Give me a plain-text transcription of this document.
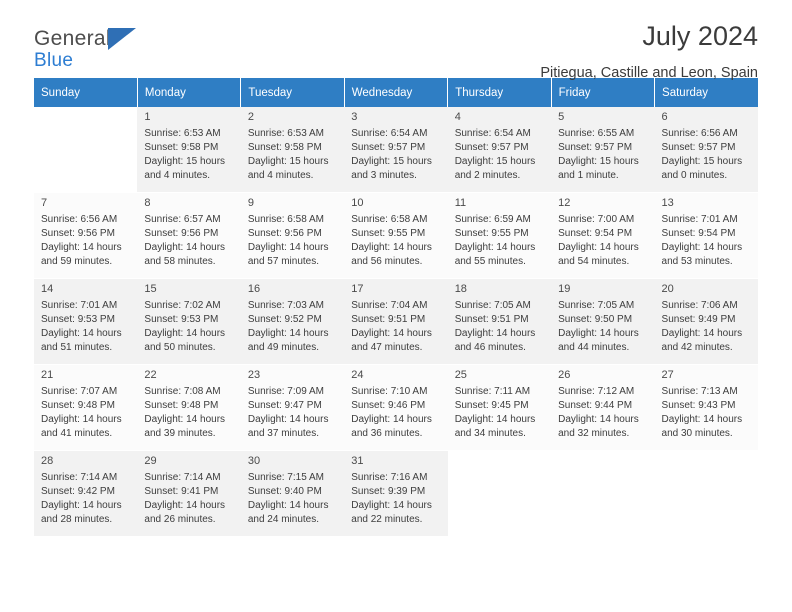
General
Blue
July 2024
Pitiegua, Castille and Leon, Spain
Sunday	Monday	Tuesday	Wednesday	Thursday	Friday	Saturday

	1
Sunrise: 6:53 AM
Sunset: 9:58 PM
Daylight: 15 hours
and 4 minutes.	2
Sunrise: 6:53 AM
Sunset: 9:58 PM
Daylight: 15 hours
and 4 minutes.	3
Sunrise: 6:54 AM
Sunset: 9:57 PM
Daylight: 15 hours
and 3 minutes.	4
Sunrise: 6:54 AM
Sunset: 9:57 PM
Daylight: 15 hours
and 2 minutes.	5
Sunrise: 6:55 AM
Sunset: 9:57 PM
Daylight: 15 hours
and 1 minute.	6
Sunrise: 6:56 AM
Sunset: 9:57 PM
Daylight: 15 hours
and 0 minutes.

7
Sunrise: 6:56 AM
Sunset: 9:56 PM
Daylight: 14 hours
and 59 minutes.	8
Sunrise: 6:57 AM
Sunset: 9:56 PM
Daylight: 14 hours
and 58 minutes.	9
Sunrise: 6:58 AM
Sunset: 9:56 PM
Daylight: 14 hours
and 57 minutes.	10
Sunrise: 6:58 AM
Sunset: 9:55 PM
Daylight: 14 hours
and 56 minutes.	11
Sunrise: 6:59 AM
Sunset: 9:55 PM
Daylight: 14 hours
and 55 minutes.	12
Sunrise: 7:00 AM
Sunset: 9:54 PM
Daylight: 14 hours
and 54 minutes.	13
Sunrise: 7:01 AM
Sunset: 9:54 PM
Daylight: 14 hours
and 53 minutes.

14
Sunrise: 7:01 AM
Sunset: 9:53 PM
Daylight: 14 hours
and 51 minutes.	15
Sunrise: 7:02 AM
Sunset: 9:53 PM
Daylight: 14 hours
and 50 minutes.	16
Sunrise: 7:03 AM
Sunset: 9:52 PM
Daylight: 14 hours
and 49 minutes.	17
Sunrise: 7:04 AM
Sunset: 9:51 PM
Daylight: 14 hours
and 47 minutes.	18
Sunrise: 7:05 AM
Sunset: 9:51 PM
Daylight: 14 hours
and 46 minutes.	19
Sunrise: 7:05 AM
Sunset: 9:50 PM
Daylight: 14 hours
and 44 minutes.	20
Sunrise: 7:06 AM
Sunset: 9:49 PM
Daylight: 14 hours
and 42 minutes.

21
Sunrise: 7:07 AM
Sunset: 9:48 PM
Daylight: 14 hours
and 41 minutes.	22
Sunrise: 7:08 AM
Sunset: 9:48 PM
Daylight: 14 hours
and 39 minutes.	23
Sunrise: 7:09 AM
Sunset: 9:47 PM
Daylight: 14 hours
and 37 minutes.	24
Sunrise: 7:10 AM
Sunset: 9:46 PM
Daylight: 14 hours
and 36 minutes.	25
Sunrise: 7:11 AM
Sunset: 9:45 PM
Daylight: 14 hours
and 34 minutes.	26
Sunrise: 7:12 AM
Sunset: 9:44 PM
Daylight: 14 hours
and 32 minutes.	27
Sunrise: 7:13 AM
Sunset: 9:43 PM
Daylight: 14 hours
and 30 minutes.

28
Sunrise: 7:14 AM
Sunset: 9:42 PM
Daylight: 14 hours
and 28 minutes.	29
Sunrise: 7:14 AM
Sunset: 9:41 PM
Daylight: 14 hours
and 26 minutes.	30
Sunrise: 7:15 AM
Sunset: 9:40 PM
Daylight: 14 hours
and 24 minutes.	31
Sunrise: 7:16 AM
Sunset: 9:39 PM
Daylight: 14 hours
and 22 minutes.			
